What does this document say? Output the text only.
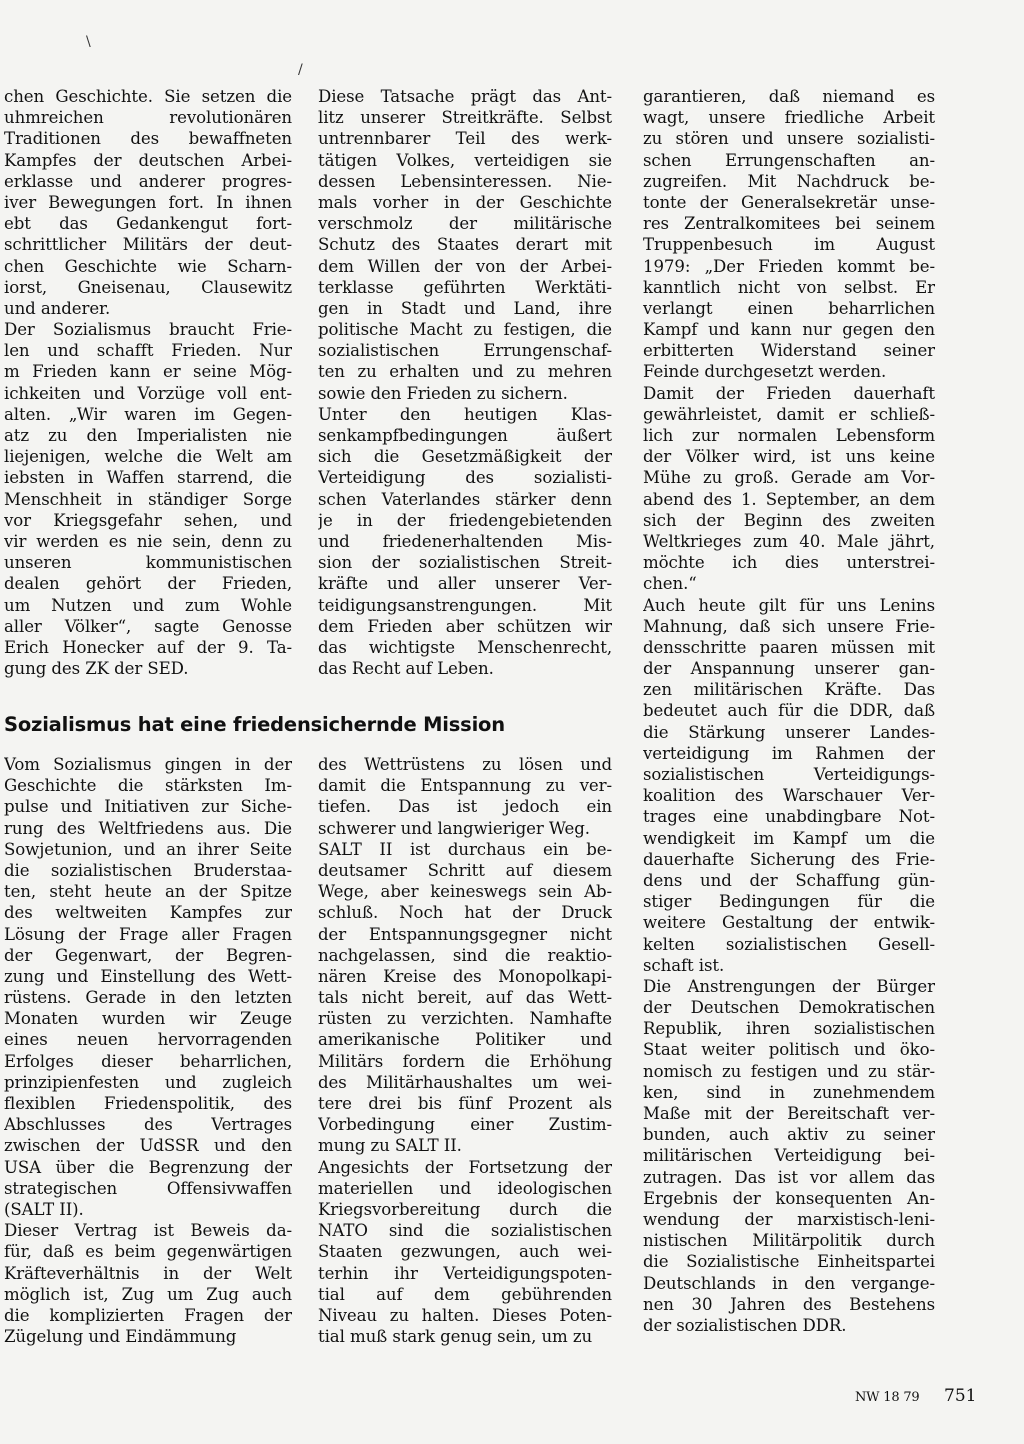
chen Geschichte. Sie setzen die
uhmreichen revolutionären
Traditionen des bewaffneten
Kampfes der deutschen Arbei-
erklasse und anderer progres-
iver Bewegungen fort. In ihnen
ebt das Gedankengut fort-
schrittlicher Militärs der deut-
chen Geschichte wie Scharn-
iorst, Gneisenau, Clausewitz
und anderer.
Der Sozialismus braucht Frie-
len und schafft Frieden. Nur
m Frieden kann er seine Mög-
ichkeiten und Vorzüge voll ent-
alten. „Wir waren im Gegen-
atz zu den Imperialisten nie
liejenigen, welche die Welt am
iebsten in Waffen starrend, die
Menschheit in ständiger Sorge
vor Kriegsgefahr sehen, und
vir werden es nie sein, denn zu
unseren kommunistischen
dealen gehört der Frieden,
um Nutzen und zum Wohle
aller Völker“, sagte Genosse
Erich Honecker auf der 9. Ta-
gung des ZK der SED.
Diese Tatsache prägt das Ant-
litz unserer Streitkräfte. Selbst
untrennbarer Teil des werk-
tätigen Volkes, verteidigen sie
dessen Lebensinteressen. Nie-
mals vorher in der Geschichte
verschmolz der militärische
Schutz des Staates derart mit
dem Willen der von der Arbei-
terklasse geführten Werktäti-
gen in Stadt und Land, ihre
politische Macht zu festigen, die
sozialistischen Errungenschaf-
ten zu erhalten und zu mehren
sowie den Frieden zu sichern.
Unter den heutigen Klas-
senkampfbedingungen äußert
sich die Gesetzmäßigkeit der
Verteidigung des sozialisti-
schen Vaterlandes stärker denn
je in der friedengebietenden
und friedenerhaltenden Mis-
sion der sozialistischen Streit-
kräfte und aller unserer Ver-
teidigungsanstrengungen. Mit
dem Frieden aber schützen wir
das wichtigste Menschenrecht,
das Recht auf Leben.
garantieren, daß niemand es
wagt, unsere friedliche Arbeit
zu stören und unsere sozialisti-
schen Errungenschaften an-
zugreifen. Mit Nachdruck be-
tonte der Generalsekretär unse-
res Zentralkomitees bei seinem
Truppenbesuch im August
1979: „Der Frieden kommt be-
kanntlich nicht von selbst. Er
verlangt einen beharrlichen
Kampf und kann nur gegen den
erbitterten Widerstand seiner
Feinde durchgesetzt werden.
Damit der Frieden dauerhaft
gewährleistet, damit er schließ-
lich zur normalen Lebensform
der Völker wird, ist uns keine
Mühe zu groß. Gerade am Vor-
abend des 1. September, an dem
sich der Beginn des zweiten
Weltkrieges zum 40. Male jährt,
möchte ich dies unterstrei-
chen.“
Auch heute gilt für uns Lenins
Mahnung, daß sich unsere Frie-
densschritte paaren müssen mit
der Anspannung unserer gan-
zen militärischen Kräfte. Das
bedeutet auch für die DDR, daß
die Stärkung unserer Landes-
verteidigung im Rahmen der
sozialistischen Verteidigungs-
koalition des Warschauer Ver-
trages eine unabdingbare Not-
wendigkeit im Kampf um die
dauerhafte Sicherung des Frie-
dens und der Schaffung gün-
stiger Bedingungen für die
weitere Gestaltung der entwik-
kelten sozialistischen Gesell-
schaft ist.
Die Anstrengungen der Bürger
der Deutschen Demokratischen
Republik, ihren sozialistischen
Staat weiter politisch und öko-
nomisch zu festigen und zu stär-
ken, sind in zunehmendem
Maße mit der Bereitschaft ver-
bunden, auch aktiv zu seiner
militärischen Verteidigung bei-
zutragen. Das ist vor allem das
Ergebnis der konsequenten An-
wendung der marxistisch-leni-
nistischen Militärpolitik durch
die Sozialistische Einheitspartei
Deutschlands in den vergange-
nen 30 Jahren des Bestehens
der sozialistischen DDR.
Sozialismus hat eine friedensichernde Mission
Vom Sozialismus gingen in der
Geschichte die stärksten Im-
pulse und Initiativen zur Siche-
rung des Weltfriedens aus. Die
Sowjetunion, und an ihrer Seite
die sozialistischen Bruderstaa-
ten, steht heute an der Spitze
des weltweiten Kampfes zur
Lösung der Frage aller Fragen
der Gegenwart, der Begren-
zung und Einstellung des Wett-
rüstens. Gerade in den letzten
Monaten wurden wir Zeuge
eines neuen hervorragenden
Erfolges dieser beharrlichen,
prinzipienfesten und zugleich
flexiblen Friedenspolitik, des
Abschlusses des Vertrages
zwischen der UdSSR und den
USA über die Begrenzung der
strategischen Offensivwaffen
(SALT II).
Dieser Vertrag ist Beweis da-
für, daß es beim gegenwärtigen
Kräfteverhältnis in der Welt
möglich ist, Zug um Zug auch
die komplizierten Fragen der
Zügelung und Eindämmung
des Wettrüstens zu lösen und
damit die Entspannung zu ver-
tiefen. Das ist jedoch ein
schwerer und langwieriger Weg.
SALT II ist durchaus ein be-
deutsamer Schritt auf diesem
Wege, aber keineswegs sein Ab-
schluß. Noch hat der Druck
der Entspannungsgegner nicht
nachgelassen, sind die reaktio-
nären Kreise des Monopolkapi-
tals nicht bereit, auf das Wett-
rüsten zu verzichten. Namhafte
amerikanische Politiker und
Militärs fordern die Erhöhung
des Militärhaushaltes um wei-
tere drei bis fünf Prozent als
Vorbedingung einer Zustim-
mung zu SALT II.
Angesichts der Fortsetzung der
materiellen und ideologischen
Kriegsvorbereitung durch die
NATO sind die sozialistischen
Staaten gezwungen, auch wei-
terhin ihr Verteidigungspoten-
tial auf dem gebührenden
Niveau zu halten. Dieses Poten-
tial muß stark genug sein, um zu
NW 18 79 751
\
/
